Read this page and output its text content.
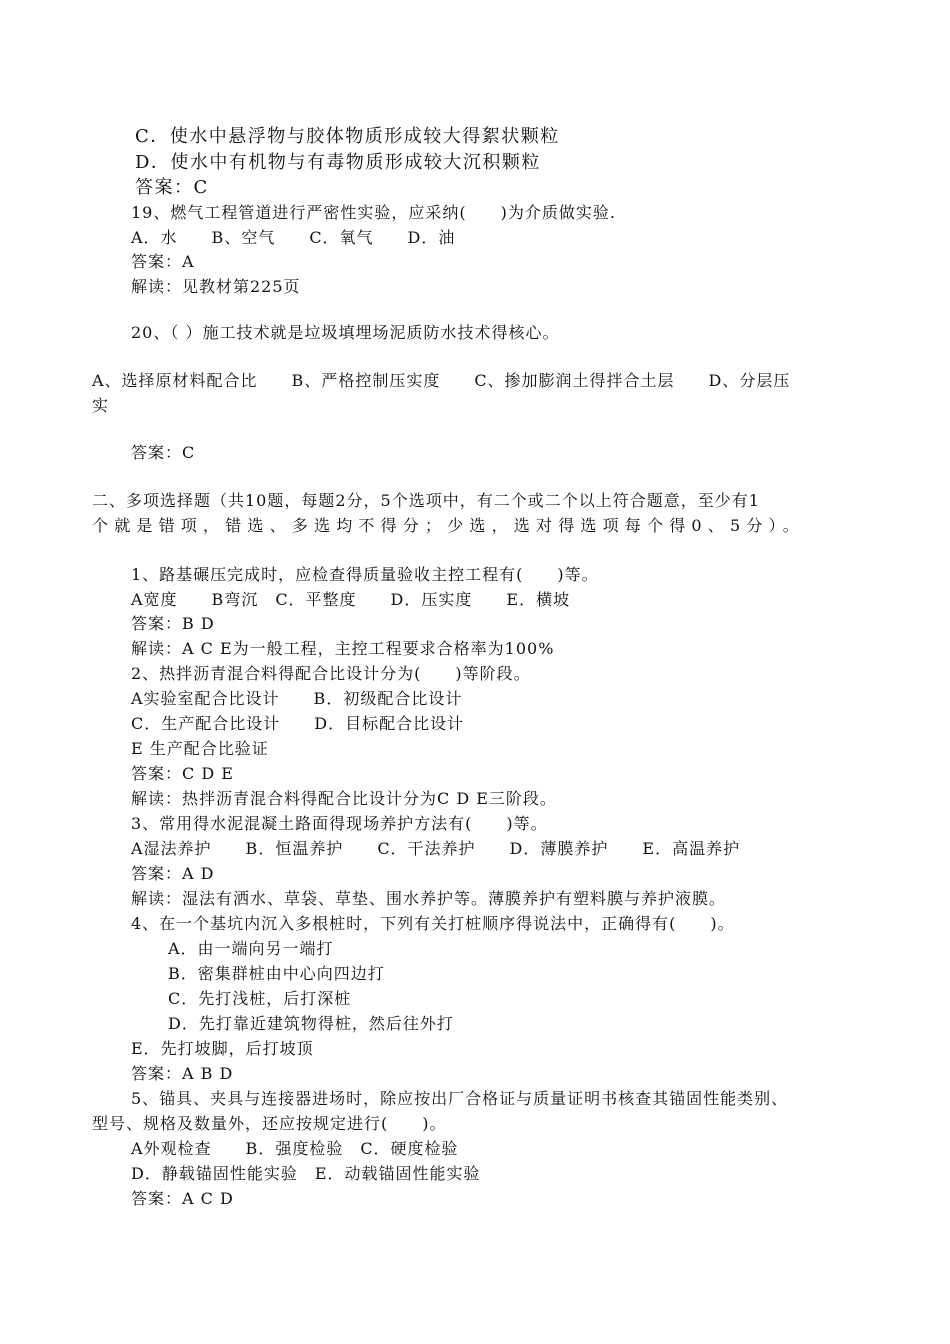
C．使水中悬浮物与胶体物质形成较大得絮状颗粒
D．使水中有机物与有毒物质形成较大沉积颗粒
答案：C
19、燃气工程管道进行严密性实验，应采纳(　　)为介质做实验.
A．水　　B、空气　　C．氧气　　D．油
答案：A
解读：见教材第225页
20、（ ）施工技术就是垃圾填埋场泥质防水技术得核心。
A、选择原材料配合比　　B、严格控制压实度　　C、掺加膨润土得拌合土层　　D、分层压
实
答案：C
二、多项选择题（共10题，每题2分，5个选项中，有二个或二个以上符合题意，至少有1
个就是错项，错选、多选均不得分；少选，选对得选项每个得0、5分）。
1、路基碾压完成时，应检查得质量验收主控工程有(　　)等。
A宽度　　B弯沉　C．平整度　　D．压实度　　E．横坡
答案：B D
解读：A C E为一般工程，主控工程要求合格率为100%
2、热拌沥青混合料得配合比设计分为(　　)等阶段。
A实验室配合比设计　　B．初级配合比设计
C．生产配合比设计　　D．目标配合比设计
E 生产配合比验证
答案：C D E
解读：热拌沥青混合料得配合比设计分为C D E三阶段。
3、常用得水泥混凝土路面得现场养护方法有(　　)等。
A湿法养护　　B．恒温养护　　C．干法养护　　D．薄膜养护　　E．高温养护
答案：A D
解读：湿法有洒水、草袋、草垫、围水养护等。薄膜养护有塑料膜与养护液膜。
4、在一个基坑内沉入多根桩时，下列有关打桩顺序得说法中，正确得有(　　)。
A．由一端向另一端打
B．密集群桩由中心向四边打
C．先打浅桩，后打深桩
D．先打靠近建筑物得桩，然后往外打
E．先打坡脚，后打坡顶
答案：A B D
5、锚具、夹具与连接器进场时，除应按出厂合格证与质量证明书核查其锚固性能类别、
型号、规格及数量外，还应按规定进行(　　)。
A外观检查　　B．强度检验　C．硬度检验
D．静载锚固性能实验　E．动载锚固性能实验
答案：A C D
